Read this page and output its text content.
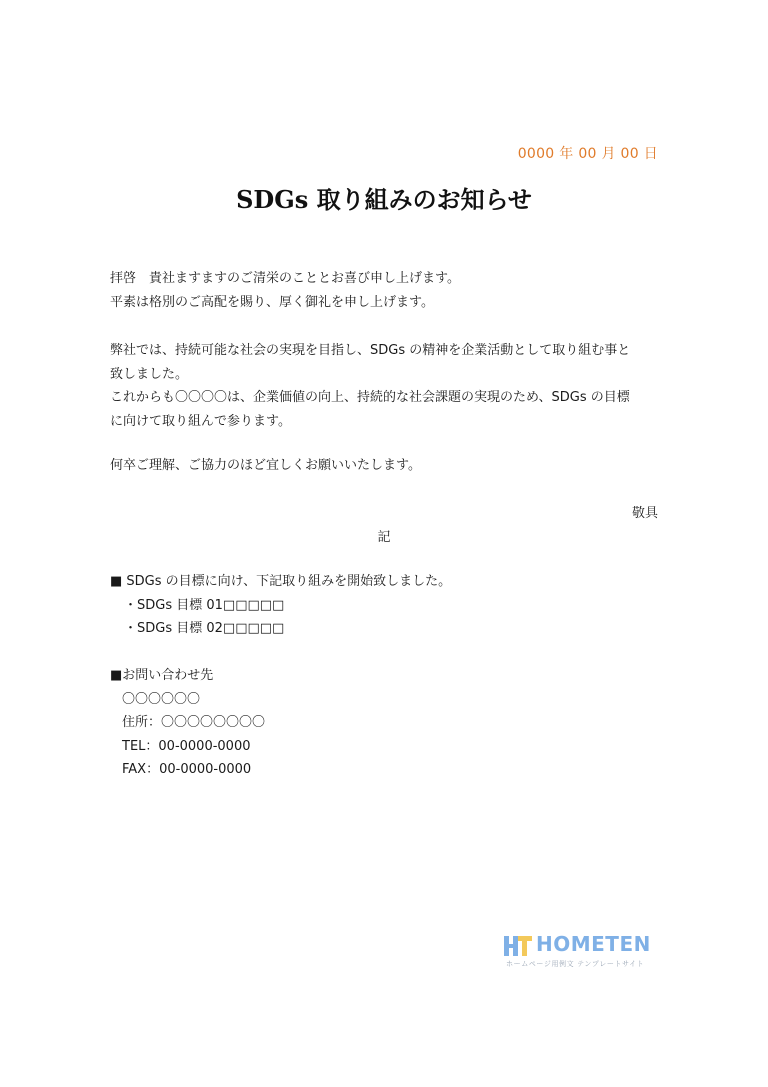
0000 年 00 月 00 日
SDGs 取り組みのお知らせ
拝啓　貴社ますますのご清栄のこととお喜び申し上げます。
平素は格別のご高配を賜り、厚く御礼を申し上げます。
弊社では、持続可能な社会の実現を目指し、SDGs の精神を企業活動として取り組む事と
致しました。
これからも〇〇〇〇は、企業価値の向上、持続的な社会課題の実現のため、SDGs の目標
に向けて取り組んで参ります。
何卒ご理解、ご協力のほど宜しくお願いいたします。
敬具
記
■ SDGs の目標に向け、下記取り組みを開始致しました。
・SDGs 目標 01□□□□□
・SDGs 目標 02□□□□□
■お問い合わせ先
〇〇〇〇〇〇
住所：〇〇〇〇〇〇〇〇
TEL：00-0000-0000
FAX：00-0000-0000
HOMETEN
ホームページ用例文 テンプレートサイト
